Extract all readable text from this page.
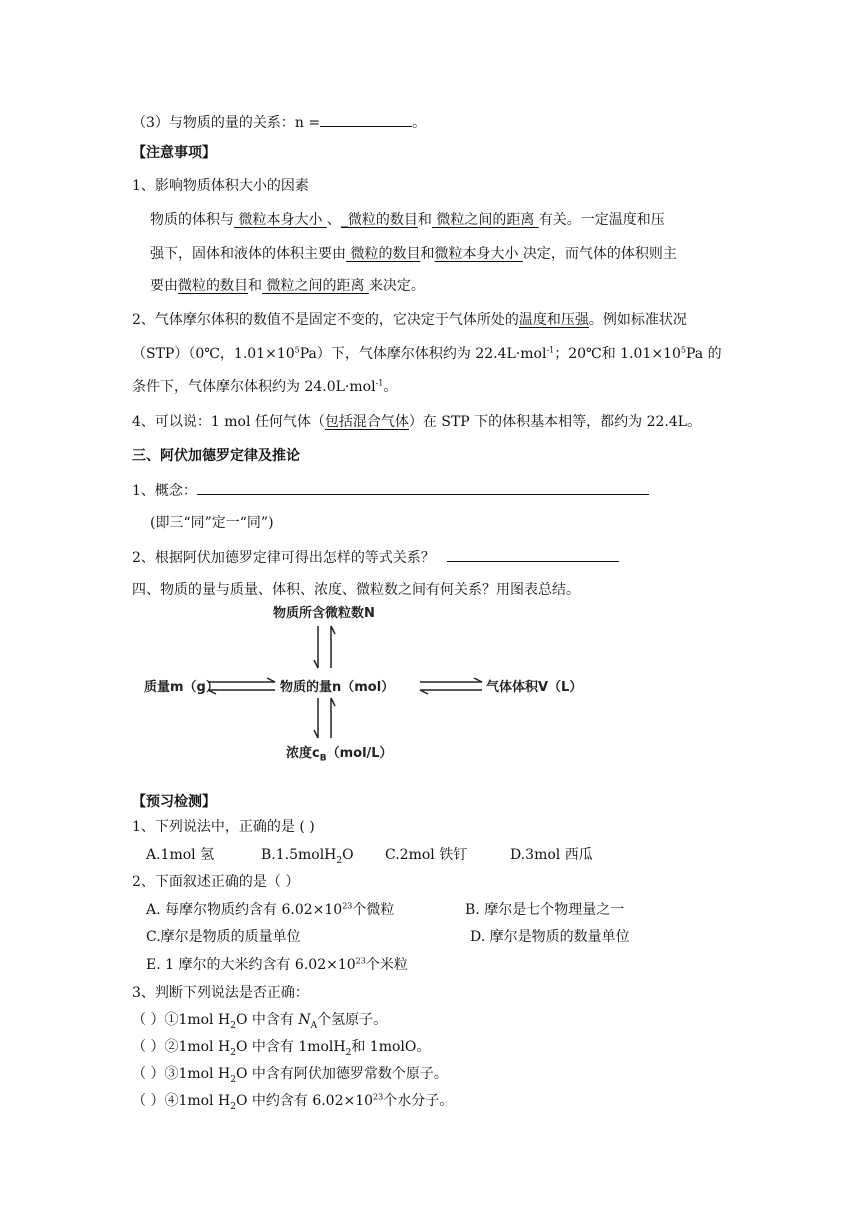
（3）与物质的量的关系：n =	。
【注意事项】
1、影响物质体积大小的因素
物质的体积与 微粒本身大小 、_微粒的数目和 微粒之间的距离 有关。一定温度和压
强下，固体和液体的体积主要由 微粒的数目和微粒本身大小 决定，而气体的体积则主
要由微粒的数目和 微粒之间的距离 来决定。
2、气体摩尔体积的数值不是固定不变的，它决定于气体所处的温度和压强。例如标准状况
（STP）（0℃，$1.01\times 10^5Pa$）下，气体摩尔体积约为 22.4L·mol$^{-1}$；20℃和 $1.01\times 10^5Pa$ 的
条件下，气体摩尔体积约为 24.0L·mol$^{-1}$。
4、可以说：1 mol 任何气体（包括混合气体）在 STP 下的体积基本相等，都约为 22.4L。
三、阿伏加德罗定律及推论
1、概念：
(即三“同”定一“同”)
2、根据阿伏加德罗定律可得出怎样的等式关系？
四、物质的量与质量、体积、浓度、微粒数之间有何关系？用图表总结。
物质所含微粒数N
质量m（g）	物质的量n（mol）	气体体积V（L）
浓度$c_B(mol/L)$
【预习检测】
1、下列说法中，正确的是 ( )
A.1mol 氢	B.1.5molH$_2$O C.2mol 铁钉	D.3mol 西瓜
2、下面叙述正确的是（ ）
A. 每摩尔物质约含有 $6.02\times 10^{23}$个微粒	B. 摩尔是七个物理量之一
C.摩尔是物质的质量单位	D. 摩尔是物质的数量单位
E. 1 摩尔的大米约含有 $6.02\times 10^{23}$个米粒
3、判断下列说法是否正确：
（ ）①1mol $H_2O$ 中含有 $N_A$个氢原子。
（ ）②1mol $H_2O$ 中含有 1molH$_2$和 1molO。
（ ）③1mol $H_2O$ 中含有阿伏加德罗常数个原子。
（ ）④1mol $H_2O$ 中约含有 $6.02\times 10^{23}$个水分子。
